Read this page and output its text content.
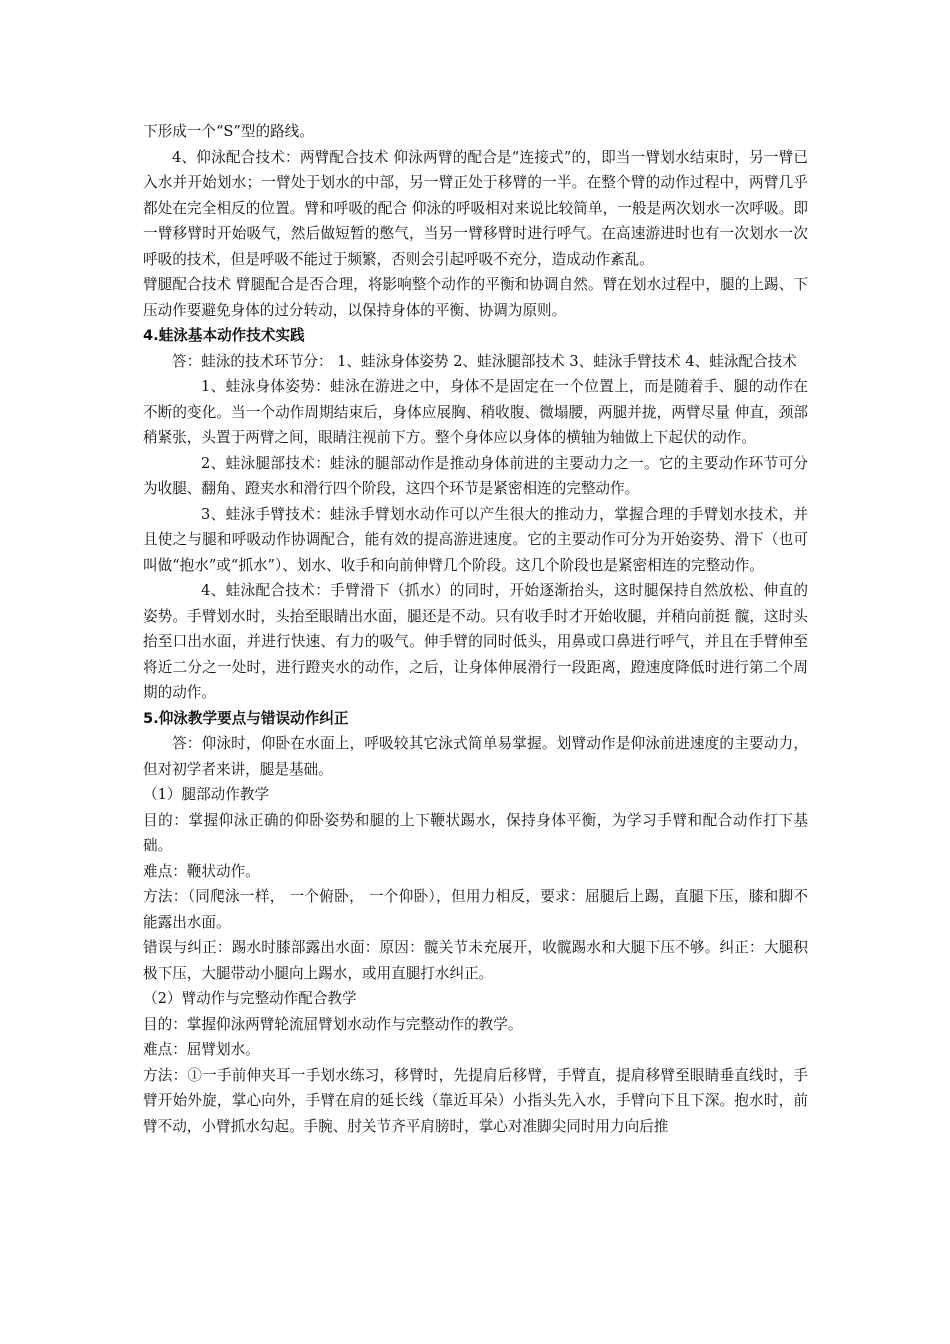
下形成一个“S”型的路线。

4、仰泳配合技术：两臂配合技术 仰泳两臂的配合是“连接式”的，即当一臂划水结束时，另一臂已入水并开始划水；一臂处于划水的中部，另一臂正处于移臂的一半。在整个臂的动作过程中，两臂几乎都处在完全相反的位置。臂和呼吸的配合 仰泳的呼吸相对来说比较简单，一般是两次划水一次呼吸。即一臂移臂时开始吸气，然后做短暂的憋气，当另一臂移臂时进行呼气。在高速游进时也有一次划水一次呼吸的技术，但是呼吸不能过于频繁，否则会引起呼吸不充分，造成动作紊乱。

臂腿配合技术 臂腿配合是否合理，将影响整个动作的平衡和协调自然。臂在划水过程中，腿的上踢、下压动作要避免身体的过分转动，以保持身体的平衡、协调为原则。

4.蛙泳基本动作技术实践

答：蛙泳的技术环节分： 1、蛙泳身体姿势 2、蛙泳腿部技术 3、蛙泳手臂技术 4、蛙泳配合技术

1、蛙泳身体姿势：蛙泳在游进之中，身体不是固定在一个位置上，而是随着手、腿的动作在不断的变化。当一个动作周期结束后，身体应展胸、稍收腹、微塌腰，两腿并拢，两臂尽量 伸直，颈部稍紧张，头置于两臂之间，眼睛注视前下方。整个身体应以身体的横轴为轴做上下起伏的动作。

2、蛙泳腿部技术：蛙泳的腿部动作是推动身体前进的主要动力之一。它的主要动作环节可分为收腿、翻角、蹬夹水和滑行四个阶段，这四个环节是紧密相连的完整动作。

3、蛙泳手臂技术：蛙泳手臂划水动作可以产生很大的推动力，掌握合理的手臂划水技术，并且使之与腿和呼吸动作协调配合，能有效的提高游进速度。它的主要动作可分为开始姿势、滑下（也可叫做“抱水”或“抓水”）、划水、收手和向前伸臂几个阶段。这几个阶段也是紧密相连的完整动作。

4、蛙泳配合技术：手臂滑下（抓水）的同时，开始逐渐抬头，这时腿保持自然放松、伸直的姿势。手臂划水时，头抬至眼睛出水面，腿还是不动。只有收手时才开始收腿，并稍向前挺 髋，这时头抬至口出水面，并进行快速、有力的吸气。伸手臂的同时低头，用鼻或口鼻进行呼气，并且在手臂伸至将近二分之一处时，进行蹬夹水的动作，之后，让身体伸展滑行一段距离，蹬速度降低时进行第二个周期的动作。

5.仰泳教学要点与错误动作纠正

答：仰泳时，仰卧在水面上，呼吸较其它泳式简单易掌握。划臂动作是仰泳前进速度的主要动力，但对初学者来讲，腿是基础。

（1）腿部动作教学

目的：掌握仰泳正确的仰卧姿势和腿的上下鞭状踢水，保持身体平衡，为学习手臂和配合动作打下基础。

难点：鞭状动作。

方法：（同爬泳一样， 一个俯卧， 一个仰卧），但用力相反，要求：屈腿后上踢，直腿下压，膝和脚不能露出水面。

错误与纠正：踢水时膝部露出水面：原因：髋关节未充展开，收髋踢水和大腿下压不够。纠正：大腿积极下压，大腿带动小腿向上踢水，或用直腿打水纠正。

（2）臂动作与完整动作配合教学

目的：掌握仰泳两臂轮流屈臂划水动作与完整动作的教学。

难点：屈臂划水。

方法：①一手前伸夹耳一手划水练习，移臂时，先提肩后移臂，手臂直，提肩移臂至眼睛垂直线时，手臂开始外旋，掌心向外，手臂在肩的延长线（靠近耳朵）小指头先入水，手臂向下且下深。抱水时，前臂不动，小臂抓水勾起。手腕、肘关节齐平肩膀时，掌心对准脚尖同时用力向后推
